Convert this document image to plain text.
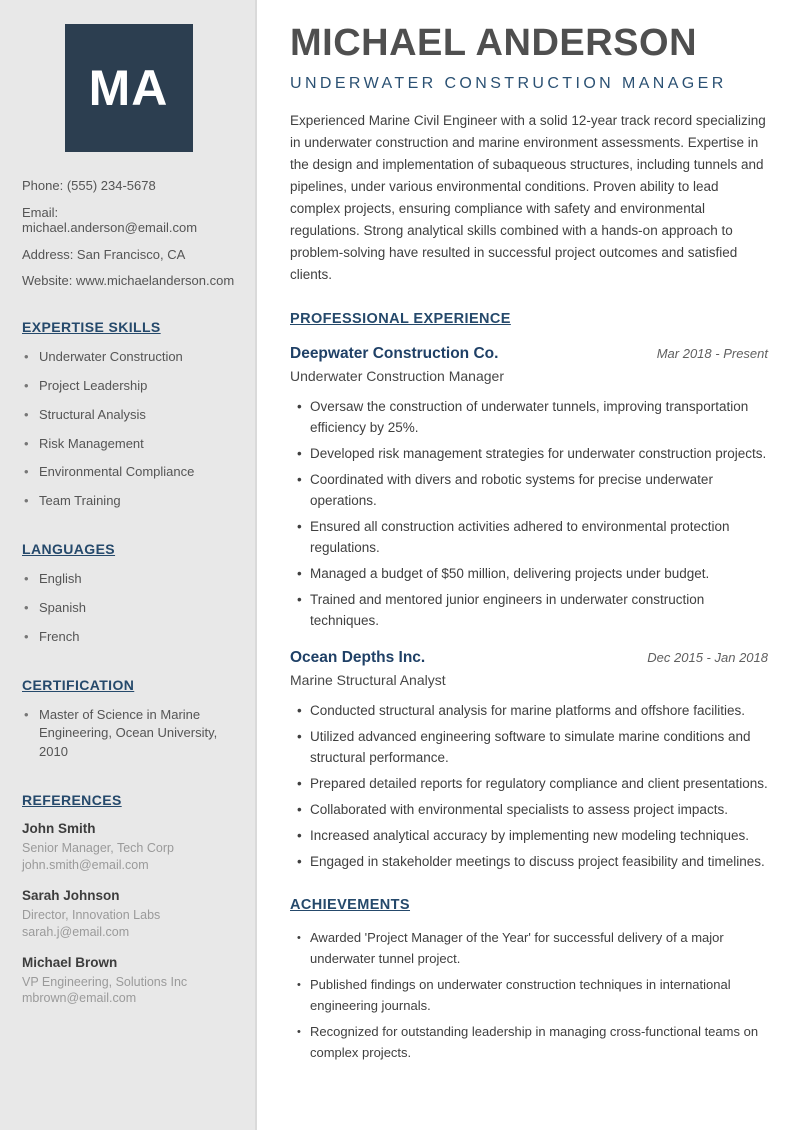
MA
Phone: (555) 234-5678
Email: michael.anderson@email.com
Address: San Francisco, CA
Website: www.michaelanderson.com
EXPERTISE SKILLS
• Underwater Construction
• Project Leadership
• Structural Analysis
• Risk Management
• Environmental Compliance
• Team Training
LANGUAGES
• English
• Spanish
• French
CERTIFICATION
• Master of Science in Marine Engineering, Ocean University, 2010
REFERENCES
John Smith
Senior Manager, Tech Corp
john.smith@email.com
Sarah Johnson
Director, Innovation Labs
sarah.j@email.com
Michael Brown
VP Engineering, Solutions Inc
mbrown@email.com
MICHAEL ANDERSON
UNDERWATER CONSTRUCTION MANAGER

Experienced Marine Civil Engineer with a solid 12-year track record specializing in underwater construction and marine environment assessments. Expertise in the design and implementation of subaqueous structures, including tunnels and pipelines, under various environmental conditions. Proven ability to lead complex projects, ensuring compliance with safety and environmental regulations. Strong analytical skills combined with a hands-on approach to problem-solving have resulted in successful project outcomes and satisfied clients.

PROFESSIONAL EXPERIENCE
Deepwater Construction Co.	Mar 2018 - Present
Underwater Construction Manager
• Oversaw the construction of underwater tunnels, improving transportation efficiency by 25%.
• Developed risk management strategies for underwater construction projects.
• Coordinated with divers and robotic systems for precise underwater operations.
• Ensured all construction activities adhered to environmental protection regulations.
• Managed a budget of $50 million, delivering projects under budget.
• Trained and mentored junior engineers in underwater construction techniques.
Ocean Depths Inc.	Dec 2015 - Jan 2018
Marine Structural Analyst
• Conducted structural analysis for marine platforms and offshore facilities.
• Utilized advanced engineering software to simulate marine conditions and structural performance.
• Prepared detailed reports for regulatory compliance and client presentations.
• Collaborated with environmental specialists to assess project impacts.
• Increased analytical accuracy by implementing new modeling techniques.
• Engaged in stakeholder meetings to discuss project feasibility and timelines.
ACHIEVEMENTS
• Awarded 'Project Manager of the Year' for successful delivery of a major underwater tunnel project.
• Published findings on underwater construction techniques in international engineering journals.
• Recognized for outstanding leadership in managing cross-functional teams on complex projects.
